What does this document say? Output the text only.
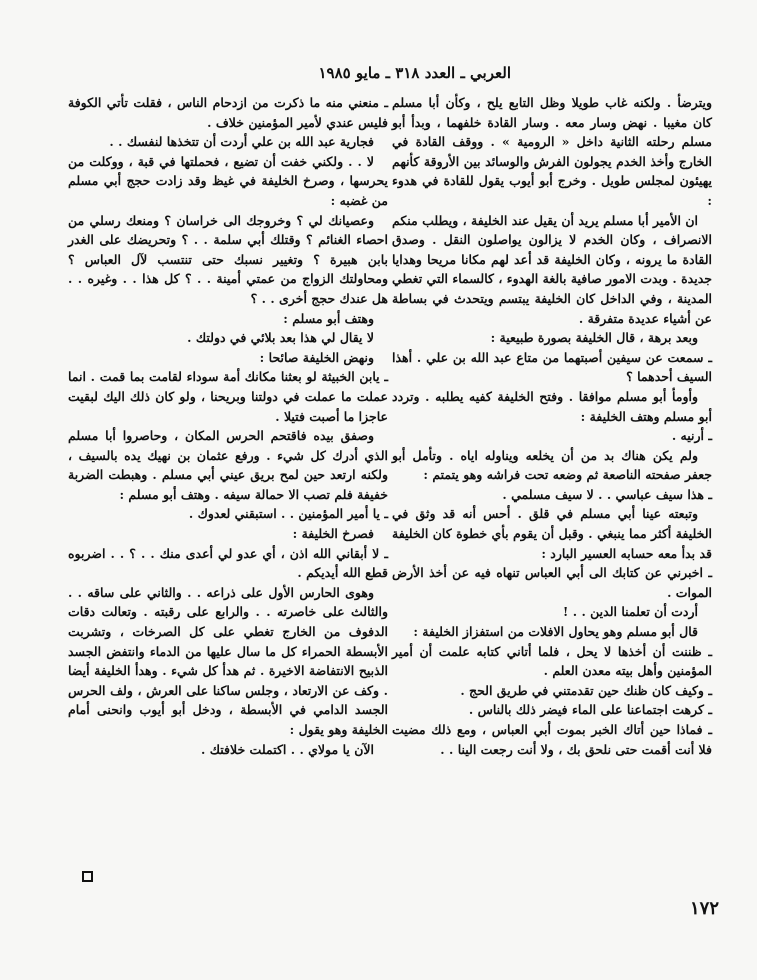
العربي ـ العدد ٣١٨ ـ مايو ١٩٨٥

ويترضأ . ولكنه غاب طويلا وظل التابع يلح ، وكأن أبا مسلم كان مغيبا . نهض وسار معه . وسار القادة خلفهما ، وبدأ أبو مسلم رحلته الثانية داخل « الرومية » . ووقف القادة في الخارج وأخذ الخدم يجولون الفرش والوسائد بين الأروقة كأنهم يهيئون لمجلس طويل . وخرج أبو أيوب يقول للقادة في هدوء :

ان الأمير أبا مسلم يريد أن يقيل عند الخليفة ، ويطلب منكم الانصراف ، وكان الخدم لا يزالون يواصلون النقل . وصدق القادة ما يرونه ، وكان الخليفة قد أعد لهم مكانا مريحا وهدايا جديدة . وبدت الامور صافية بالغة الهدوء ، كالسماء التي تغطي المدينة ، وفي الداخل كان الخليفة يبتسم ويتحدث في بساطة عن أشياء عديدة متفرقة .

وبعد برهة ، قال الخليفة بصورة طبيعية :

ـ سمعت عن سيفين أصبتهما من متاع عبد الله بن علي . أهذا السيف أحدهما ؟

وأومأ أبو مسلم موافقا . وفتح الخليفة كفيه يطلبه . وتردد أبو مسلم وهتف الخليفة :

ـ أرنيه .

ولم يكن هناك بد من أن يخلعه ويناوله اياه . وتأمل أبو جعفر صفحته الناصعة ثم وضعه تحت فراشه وهو يتمتم :

ـ هذا سيف عباسي . . لا سيف مسلمي .

وتبعته عينا أبي مسلم في قلق . أحس أنه قد وثق في الخليفة أكثر مما ينبغي . وقبل أن يقوم بأي خطوة كان الخليفة قد بدأ معه حسابه العسير البارد :

ـ اخبرني عن كتابك الى أبي العباس تنهاه فيه عن أخذ الأرض الموات .

أردت أن تعلمنا الدين . . !

قال أبو مسلم وهو يحاول الافلات من استفزاز الخليفة :

ـ ظننت أن أخذها لا يحل ، فلما أتاني كتابه علمت أن أمير المؤمنين وأهل بيته معدن العلم .

ـ وكيف كان ظنك حين تقدمتني في طريق الحج .

ـ كرهت اجتماعنا على الماء فيضر ذلك بالناس .

ـ فماذا حين أتاك الخبر بموت أبي العباس ، ومع ذلك مضيت فلا أنت أقمت حتى نلحق بك ، ولا أنت رجعت الينا . .

ـ منعني منه ما ذكرت من ازدحام الناس ، فقلت تأتي الكوفة فليس عندي لأمير المؤمنين خلاف .

فجارية عبد الله بن علي أردت أن تتخذها لنفسك . .

لا . . ولكني خفت أن تضيع ، فحملتها في قبة ، ووكلت من يحرسها ، وصرخ الخليفة في غيظ وقد زادت حجج أبي مسلم من غضبه :

وعصيانك لي ؟ وخروجك الى خراسان ؟ ومنعك رسلي من احصاء الغنائم ؟ وقتلك أبي سلمة . . ؟ وتحريضك على الغدر بابن هبيرة ؟ وتغيير نسبك حتى تنتسب لآل العباس ؟ ومحاولتك الزواج من عمتي أمينة . . ؟ كل هذا . . وغيره . . هل عندك حجج أخرى . . ؟

وهتف أبو مسلم :

لا يقال لي هذا بعد بلائي في دولتك .

ونهض الخليفة صائحا :

ـ يابن الخبيثة لو بعثنا مكانك أمة سوداء لقامت بما قمت . انما عملت ما عملت في دولتنا وبريحنا ، ولو كان ذلك اليك لبقيت عاجزا ما أصبت فتيلا .

وصفق بيده فاقتحم الحرس المكان ، وحاصروا أبا مسلم الذي أدرك كل شيء . ورفع عثمان بن نهيك يده بالسيف ، ولكنه ارتعد حين لمح بريق عيني أبي مسلم . وهبطت الضربة خفيفة فلم تصب الا حمالة سيفه . وهتف أبو مسلم :

ـ يا أمير المؤمنين . . استبقني لعدوك .

فصرخ الخليفة :

ـ لا أبقاني الله اذن ، أي عدو لي أعدى منك . . ؟ . . اضربوه قطع الله أيديكم .

وهوى الحارس الأول على ذراعه . . والثاني على ساقه . . والثالث على خاصرته . . والرابع على رقبته . وتعالت دقات الدفوف من الخارج تغطي على كل الصرخات ، وتشربت الأبسطة الحمراء كل ما سال عليها من الدماء وانتفض الجسد الذبيح الانتفاضة الاخيرة . ثم هدأ كل شيء . وهدأ الخليفة أيضا . وكف عن الارتعاد ، وجلس ساكنا على العرش ، ولف الحرس الجسد الدامي في الأبسطة ، ودخل أبو أيوب وانحنى أمام الخليفة وهو يقول :

الآن يا مولاي . . اكتملت خلافتك .

١٧٢
